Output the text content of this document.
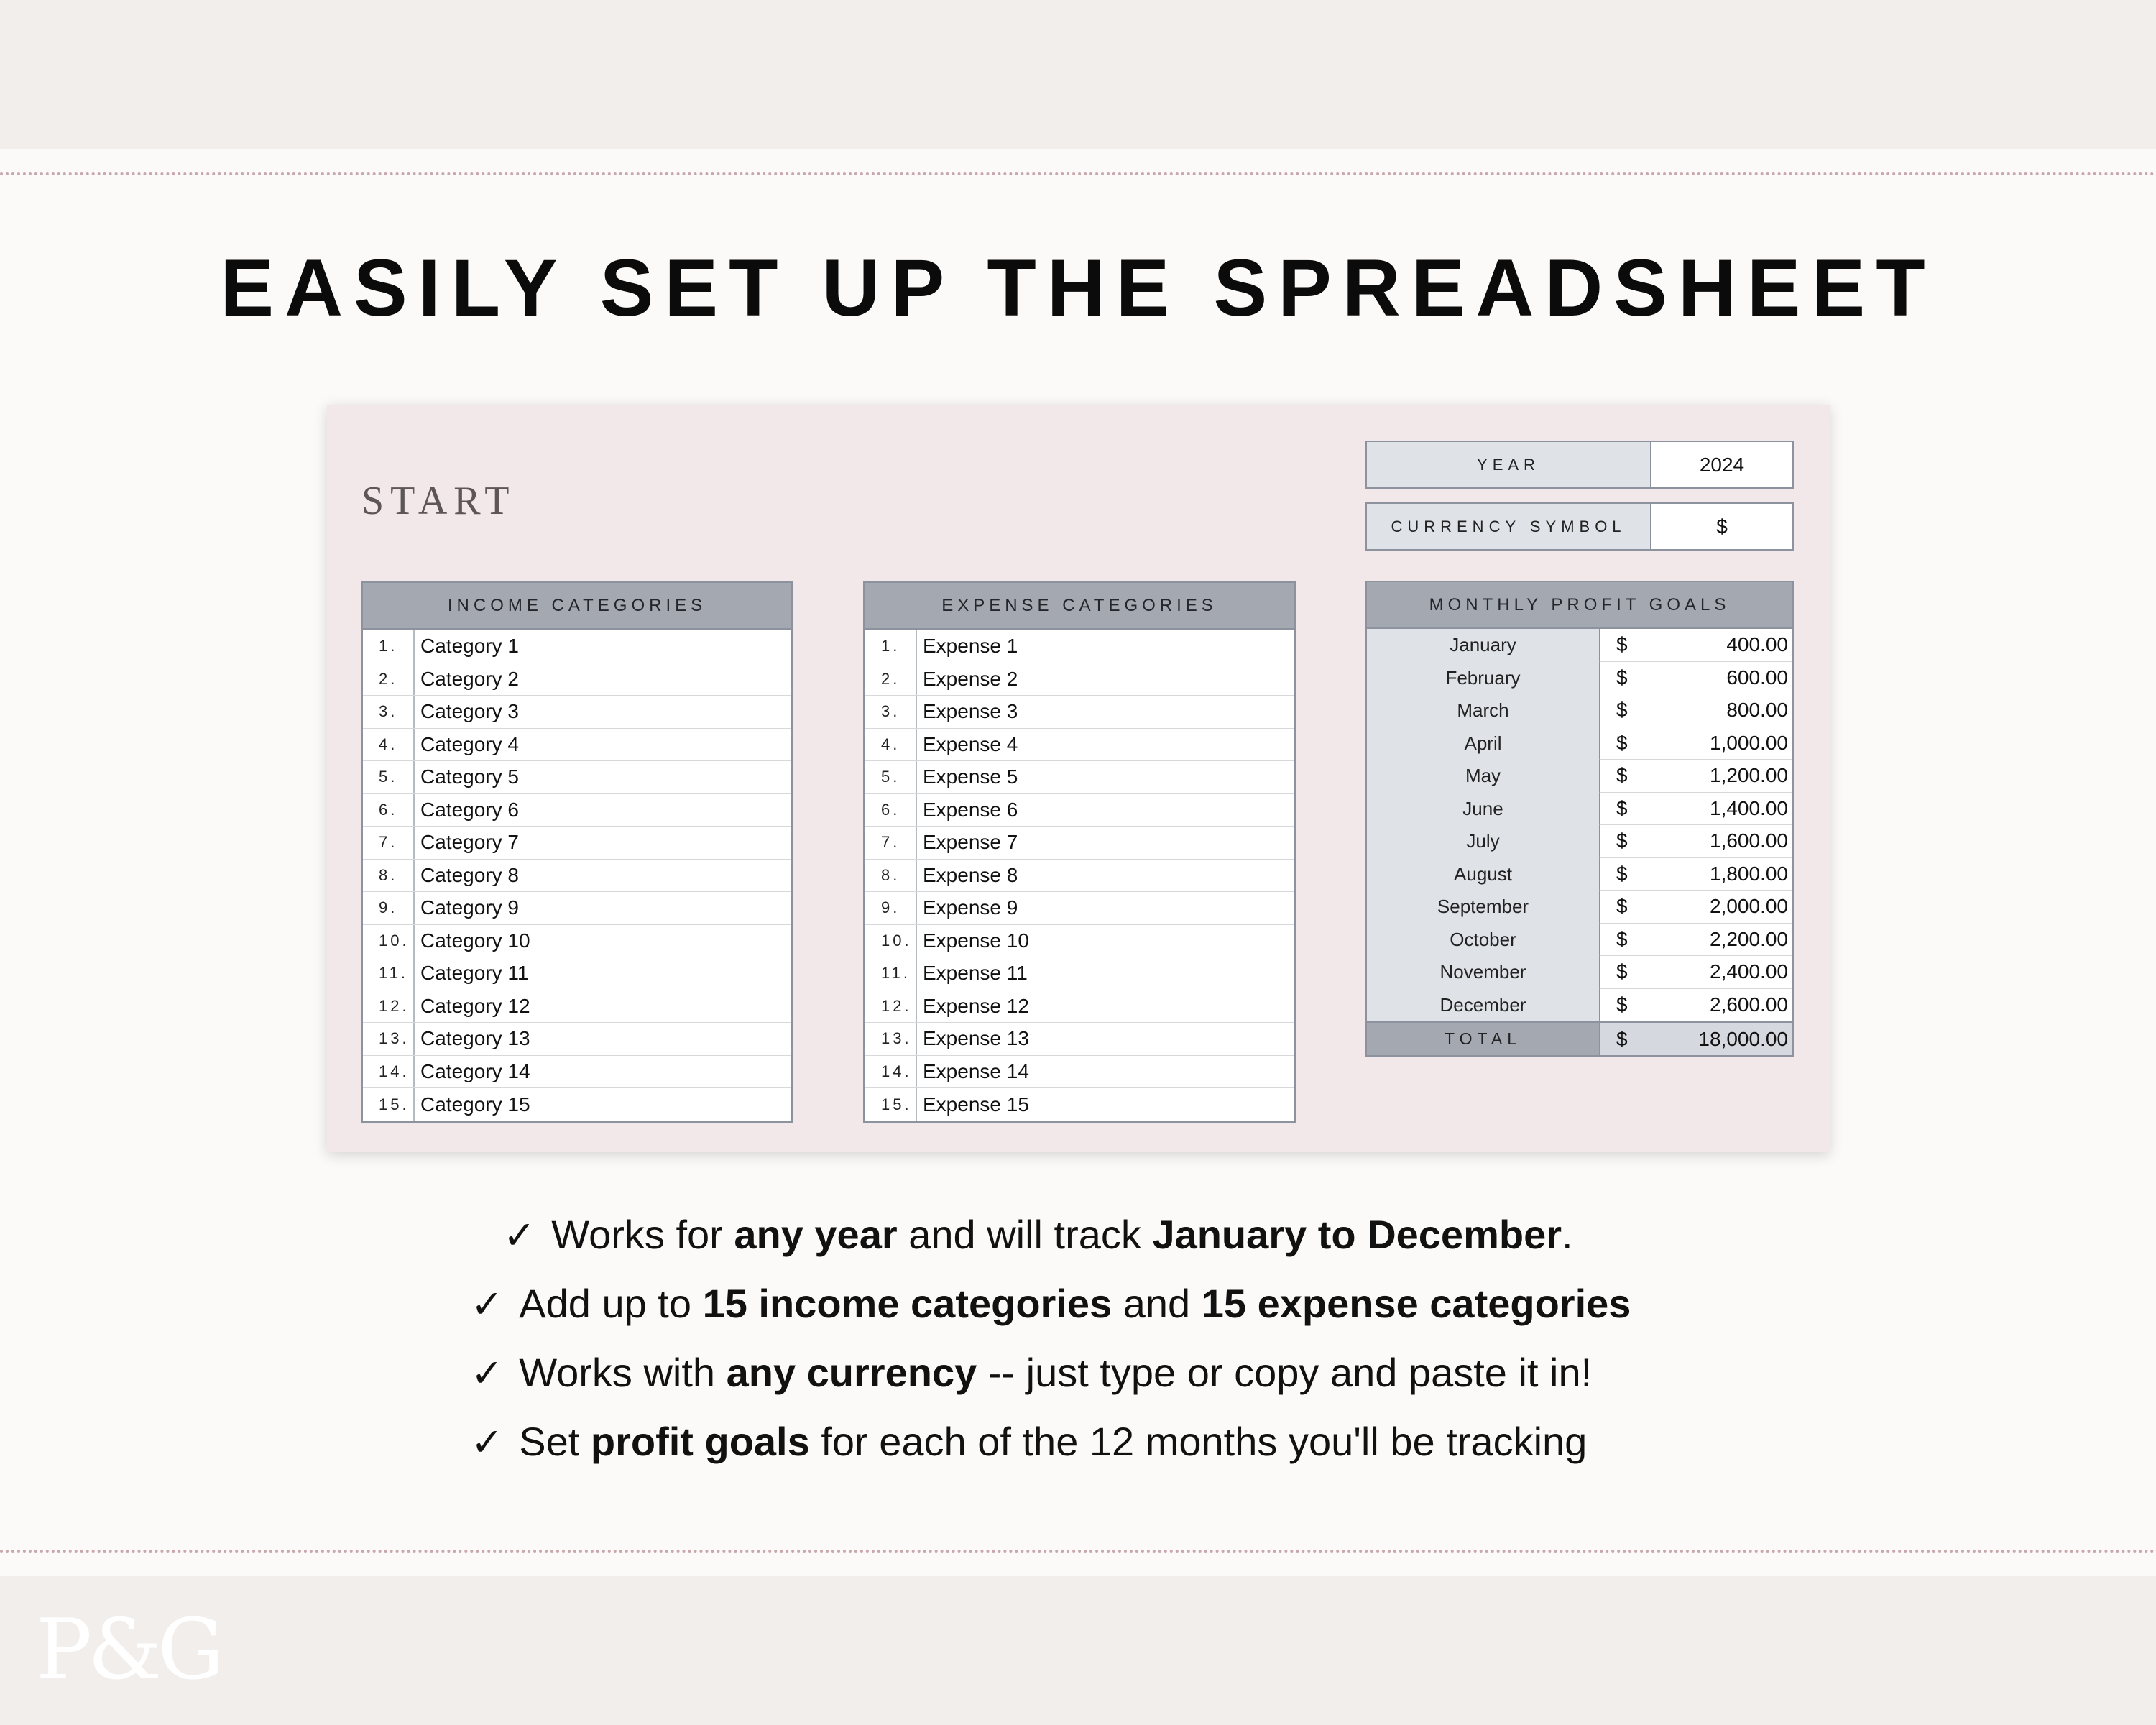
P&G
EASILY SET UP THE SPREADSHEET
START
YEAR	2024
CURRENCY SYMBOL	$
INCOME CATEGORIES
1.	Category 1
2.	Category 2
3.	Category 3
4.	Category 4
5.	Category 5
6.	Category 6
7.	Category 7
8.	Category 8
9.	Category 9
10. Category 10
11. Category 11
12. Category 12
13. Category 13
14. Category 14
15. Category 15
EXPENSE CATEGORIES
1.	Expense 1
2.	Expense 2
3.	Expense 3
4.	Expense 4
5.	Expense 5
6.	Expense 6
7.	Expense 7
8.	Expense 8
9.	Expense 9
10. Expense 10
11. Expense 11
12. Expense 12
13. Expense 13
14. Expense 14
15. Expense 15
MONTHLY PROFIT GOALS
January	$	400.00
February	$	600.00
March	$	800.00
April	$	1,000.00
May	$	1,200.00
June	$	1,400.00
July	$	1,600.00
August	$	1,800.00
September	$	2,000.00
October	$	2,200.00
November	$	2,400.00
December	$	2,600.00
TOTAL	$	18,000.00
✓ Works for any year and will track January to December.
✓ Add up to 15 income categories and 15 expense categories
✓ Works with any currency -- just type or copy and paste it in!
✓ Set profit goals for each of the 12 months you'll be tracking
